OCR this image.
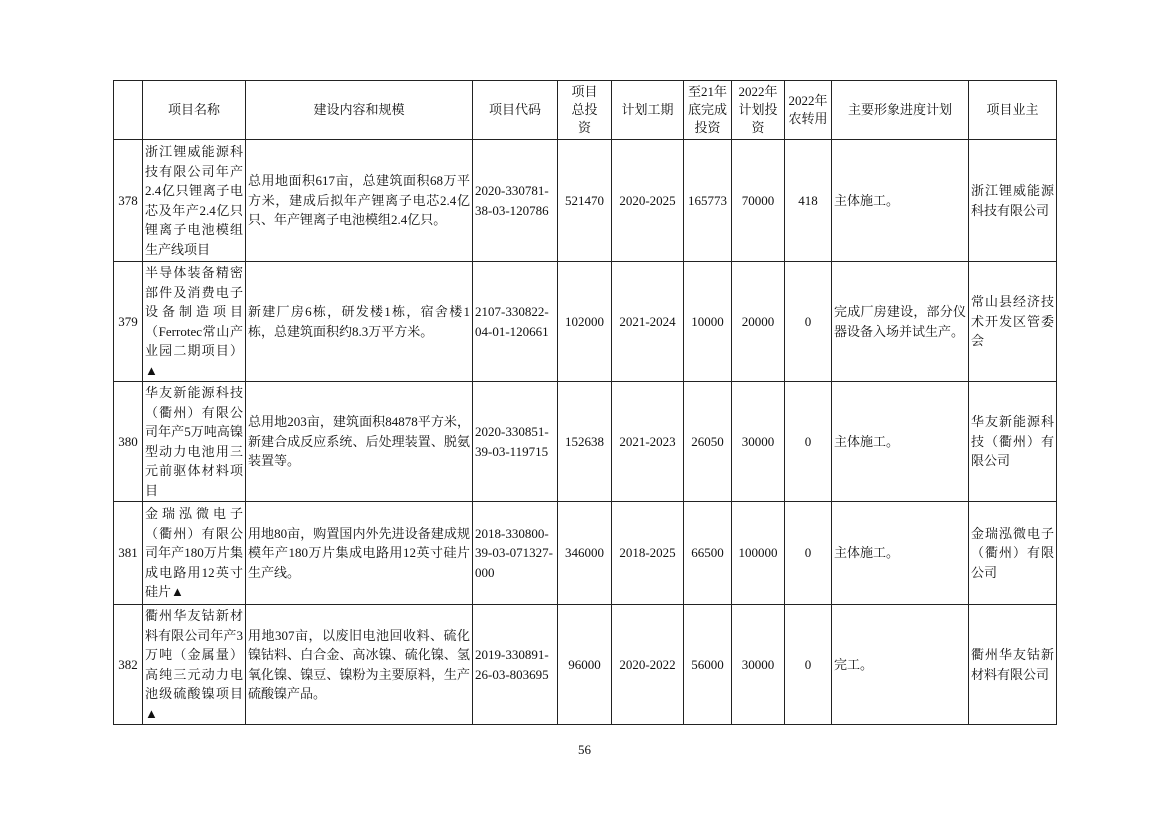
	项目名称	建设内容和规模	项目代码	项目总投资	计划工期	至21年底完成投资	2022年计划投资	2022年农转用	主要形象进度计划	项目业主
378	浙江锂威能源科技有限公司年产2.4亿只锂离子电芯及年产2.4亿只锂离子电池模组生产线项目	总用地面积617亩，总建筑面积68万平方米，建成后拟年产锂离子电芯2.4亿只、年产锂离子电池模组2.4亿只。	2020-330781-38-03-120786	521470	2020-2025	165773	70000	418	主体施工。	浙江锂威能源科技有限公司
379	半导体装备精密部件及消费电子设备制造项目（Ferrotec常山产业园二期项目）▲	新建厂房6栋，研发楼1栋，宿舍楼1栋，总建筑面积约8.3万平方米。	2107-330822-04-01-120661	102000	2021-2024	10000	20000	0	完成厂房建设，部分仪器设备入场并试生产。	常山县经济技术开发区管委会
380	华友新能源科技（衢州）有限公司年产5万吨高镍型动力电池用三元前驱体材料项目	总用地203亩，建筑面积84878平方米，新建合成反应系统、后处理装置、脱氨装置等。	2020-330851-39-03-119715	152638	2021-2023	26050	30000	0	主体施工。	华友新能源科技（衢州）有限公司
381	金瑞泓微电子（衢州）有限公司年产180万片集成电路用12英寸硅片▲	用地80亩，购置国内外先进设备建成规模年产180万片集成电路用12英寸硅片生产线。	2018-330800-39-03-071327-000	346000	2018-2025	66500	100000	0	主体施工。	金瑞泓微电子（衢州）有限公司
382	衢州华友钴新材料有限公司年产3万吨（金属量）高纯三元动力电池级硫酸镍项目▲	用地307亩，以废旧电池回收料、硫化镍钴料、白合金、高冰镍、硫化镍、氢氧化镍、镍豆、镍粉为主要原料，生产硫酸镍产品。	2019-330891-26-03-803695	96000	2020-2022	56000	30000	0	完工。	衢州华友钴新材料有限公司
56
